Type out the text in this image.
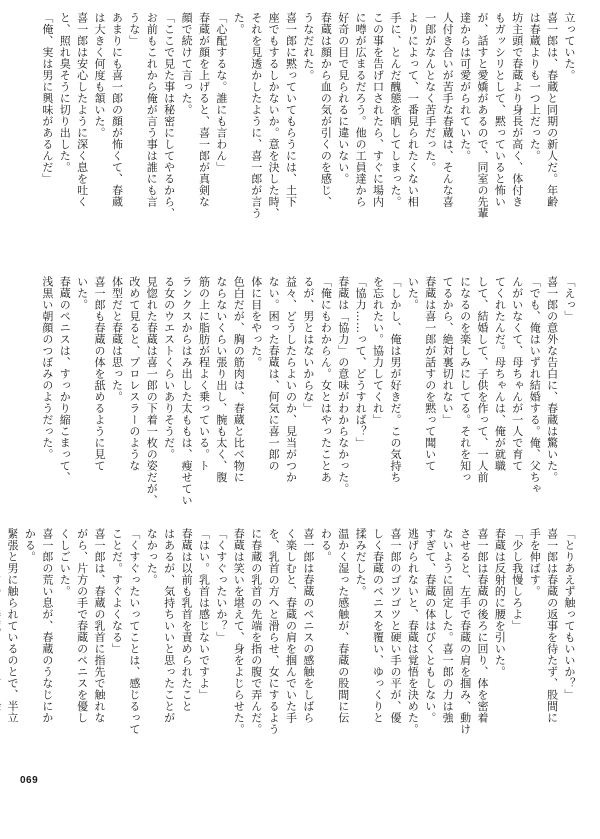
立っていた。

喜一郎は、春蔵と同期の新人だ。年齢

は春蔵よりも一つ上だった。

坊主頭で春蔵より身長が高く、体付き

もガッシリとして、黙っていると怖い

が、話すと愛嬌があるので、同室の先輩

達からは可愛がられていた。

人付き合いが苦手な春蔵は、そんな喜

一郎がなんとなく苦手だった。

よりによって、一番見られたくない相

手に、とんだ醜態を晒してしまった。

この事を告げ口されたら、すぐに場内

に噂が広まるだろう。他の工員達から

好奇の目で見られるに違いない。

春蔵は顔から血の気が引くのを感じ、

うなだれた。

喜一郎に黙っていてもらうには、土下

座でもするしかないか。意を決した時、

それを見透かしたように、喜一郎が言う

た。

「心配するな。誰にも言わん」

春蔵が顔を上げると、喜一郎が真剣な

顔で続けて言った。

「ここで見た事は秘密にしてやるから、

お前もこれから俺が言う事は誰にも言

うな」

あまりにも喜一郎の顔が怖くて、春蔵

は大きく何度も頷いた。

喜一郎は安心したように深く息を吐く

と、照れ臭そうに切り出した。

「俺、実は男に興味があるんだ」

「えっ」

喜一郎の意外な告白に、春蔵は驚いた。

「でも、俺はいずれ結婚する。俺、父ちゃ

んがいなくて、母ちゃんが一人で育て

てくれたんだ。母ちゃんは、俺が就職

して、結婚して、子供を作って、一人前

になるのを楽しみにしてる。それを知っ

てるから、絶対裏切れない」

春蔵は喜一郎が話すのを黙って聞いて

いた。

「しかし、俺は男が好きだ。この気持ち

を忘れたい。協力してくれ」

「協力……って、どうすれば？」

春蔵は「協力」の意味がわからなかった。

「俺にもわからん。女とはやったことあ

るが、男とはないからな」

益々、どうしたらよいのか、見当がつか

ない。困った春蔵は、何気に喜一郎の

体に目をやった。

色白だが、胸の筋肉は、春蔵と比べ物に

ならないくらい張り出し、腕も太く、腹

筋の上に脂肪が程よく乗っている。ト

ランクスからはみ出した太ももは、瘦せてい

る女のウエストくらいありそうだ。

見惚れた春蔵は喜一郎の下着一枚の姿だが、

改めて見ると、プロレスラーのような

体型だと春蔵は思った。

喜一郎も春蔵の体を舐めるように見て

いた。

春蔵のペニスは、すっかり縮こまって、

浅黒い朝顔のつぼみのようだった。

「とりあえず触ってもいいか？」

喜一郎は春蔵の返事を待たず、股間に

手を伸ばす。

「少し我慢しろよ」

春蔵は反射的に腰を引いた。

喜一郎は春蔵の後ろに回り、体を密着

させると、左手で春蔵の肩を掴み、動け

ないように固定した。喜一郎の力は強

すぎて、春蔵の体はびくともしない。

逃げられないと、春蔵は覚悟を決めた。

喜一郎のゴツゴツと硬い手の平が、優

しく春蔵のペニスを覆い、ゆっくりと

揉みだした。

温かく湿った感触が、春蔵の股間に伝

わる。

喜一郎は春蔵のペニスの感触をしばら

く楽しむと、春蔵の肩を掴んでいた手

を、乳首の方へと滑らせ、女にするよう

に春蔵の乳首の先端を指の腹で弄んだ。

春蔵は笑いを堪えて、身をよじらせた。

「くすぐったいか？」

「はい。乳首は感じないですよ」

春蔵は以前も乳首を責められたこと

はあるが、気持ちいいと思ったことが

なかった。

「くすぐったいってことは、感じるって

ことだ。すぐよくなる」

喜一郎は、春蔵の乳首に指先で触れな

がら、片方の手で春蔵のペニスを優し

くしごいた。

喜一郎の荒い息が、春蔵のうなじにか

かる。

緊張と男に触られているのとで、半立

069
